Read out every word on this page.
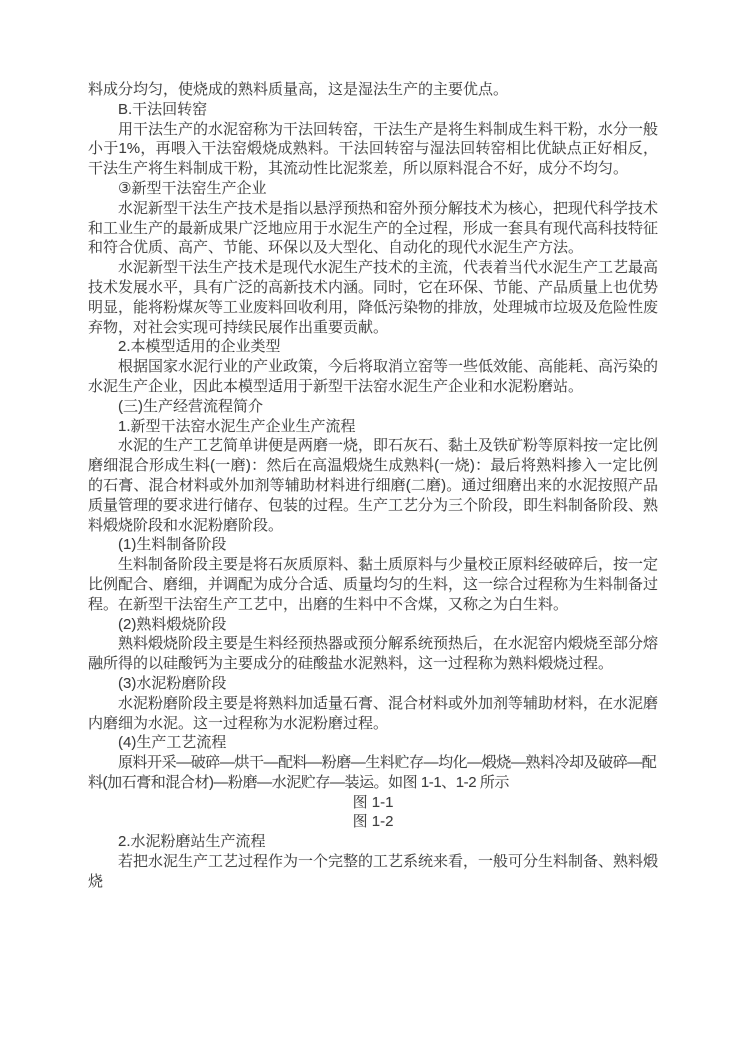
料成分均匀，使烧成的熟料质量高，这是湿法生产的主要优点。

B.干法回转窑

用干法生产的水泥窑称为干法回转窑，干法生产是将生料制成生料干粉，水分一般小于1%，再喂入干法窑煅烧成熟料。干法回转窑与湿法回转窑相比优缺点正好相反，干法生产将生料制成干粉，其流动性比泥浆差，所以原料混合不好，成分不均匀。

③新型干法窑生产企业

水泥新型干法生产技术是指以悬浮预热和窑外预分解技术为核心，把现代科学技术和工业生产的最新成果广泛地应用于水泥生产的全过程，形成一套具有现代高科技特征和符合优质、高产、节能、环保以及大型化、自动化的现代水泥生产方法。

水泥新型干法生产技术是现代水泥生产技术的主流，代表着当代水泥生产工艺最高技术发展水平，具有广泛的高新技术内涵。同时，它在环保、节能、产品质量上也优势明显，能将粉煤灰等工业废料回收利用，降低污染物的排放，处理城市垃圾及危险性废弃物，对社会实现可持续民展作出重要贡献。

2.本模型适用的企业类型

根据国家水泥行业的产业政策，今后将取消立窑等一些低效能、高能耗、高污染的水泥生产企业，因此本模型适用于新型干法窑水泥生产企业和水泥粉磨站。

(三)生产经营流程简介

1.新型干法窑水泥生产企业生产流程

水泥的生产工艺简单讲便是两磨一烧，即石灰石、黏土及铁矿粉等原料按一定比例磨细混合形成生料(一磨)：然后在高温煅烧生成熟料(一烧)：最后将熟料掺入一定比例的石膏、混合材料或外加剂等辅助材料进行细磨(二磨)。通过细磨出来的水泥按照产品质量管理的要求进行储存、包装的过程。生产工艺分为三个阶段，即生料制备阶段、熟料煅烧阶段和水泥粉磨阶段。

(1)生料制备阶段

生料制备阶段主要是将石灰质原料、黏土质原料与少量校正原料经破碎后，按一定比例配合、磨细，并调配为成分合适、质量均匀的生料，这一综合过程称为生料制备过程。在新型干法窑生产工艺中，出磨的生料中不含煤，又称之为白生料。

(2)熟料煅烧阶段

熟料煅烧阶段主要是生料经预热器或预分解系统预热后，在水泥窑内煅烧至部分熔融所得的以硅酸钙为主要成分的硅酸盐水泥熟料，这一过程称为熟料煅烧过程。

(3)水泥粉磨阶段

水泥粉磨阶段主要是将熟料加适量石膏、混合材料或外加剂等辅助材料，在水泥磨内磨细为水泥。这一过程称为水泥粉磨过程。

(4)生产工艺流程

原料开采—破碎—烘干—配料—粉磨—生料贮存—均化—煅烧—熟料冷却及破碎—配

料(加石膏和混合材)—粉磨—水泥贮存—装运。如图 1-1、1-2 所示

图 1-1

图 1-2

2.水泥粉磨站生产流程

若把水泥生产工艺过程作为一个完整的工艺系统来看，一般可分生料制备、熟料煅烧
